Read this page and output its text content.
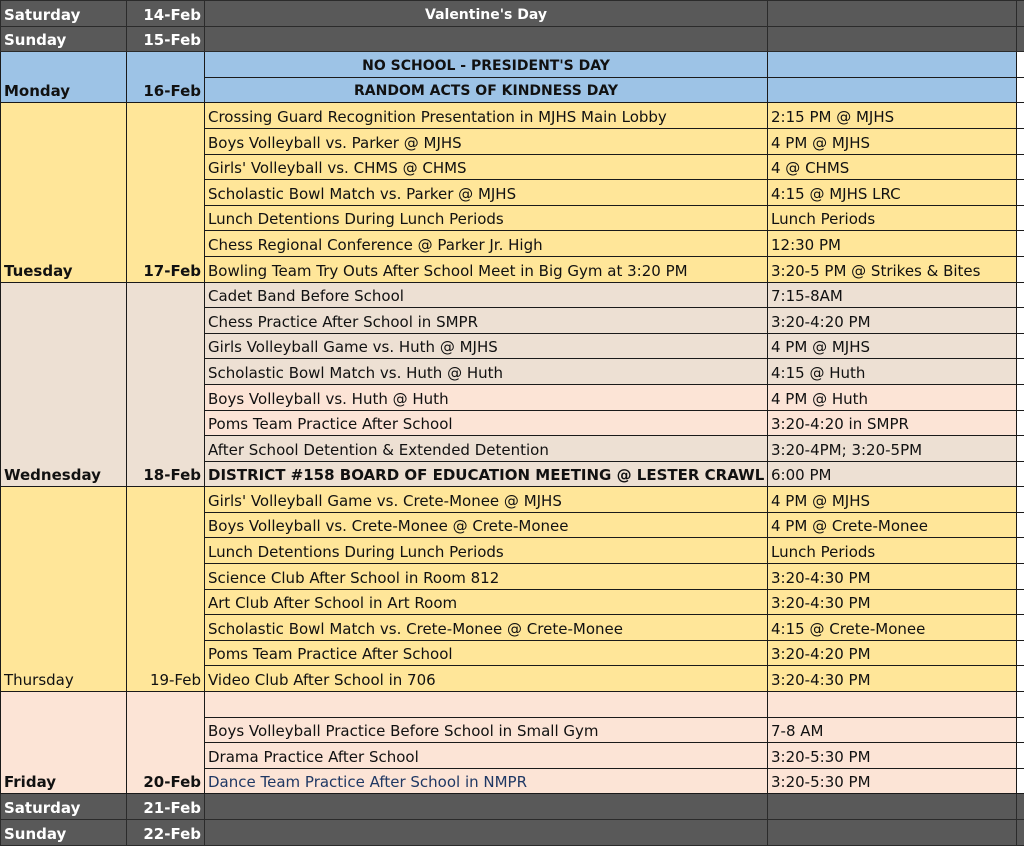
Saturday	14-Feb	Valentine's Day		
Sunday	15-Feb			
Monday	16-Feb	NO SCHOOL - PRESIDENT'S DAY		
		RANDOM ACTS OF KINDNESS DAY		
Tuesday	17-Feb	Crossing Guard Recognition Presentation in MJHS Main Lobby	2:15 PM @ MJHS	
		Boys Volleyball vs. Parker @ MJHS	4 PM @ MJHS	
		Girls' Volleyball vs. CHMS @ CHMS	4 @ CHMS	
		Scholastic Bowl Match vs. Parker @ MJHS	4:15 @ MJHS LRC	
		Lunch Detentions During Lunch Periods	Lunch Periods	
		Chess Regional Conference @ Parker Jr. High	12:30 PM	
		Bowling Team Try Outs After School Meet in Big Gym at 3:20 PM	3:20-5 PM @ Strikes & Bites	
Wednesday	18-Feb	Cadet Band Before School	7:15-8AM	
		Chess Practice After School in SMPR	3:20-4:20 PM	
		Girls Volleyball Game vs. Huth @ MJHS	4 PM @ MJHS	
		Scholastic Bowl Match vs. Huth @ Huth	4:15 @ Huth	
		Boys Volleyball vs. Huth @ Huth	4 PM @ Huth	
		Poms Team Practice After School	3:20-4:20 in SMPR	
		After School Detention & Extended Detention	3:20-4PM; 3:20-5PM	
		DISTRICT #158 BOARD OF EDUCATION MEETING @ LESTER CRAWL	6:00 PM	
Thursday	19-Feb	Girls' Volleyball Game vs. Crete-Monee @ MJHS	4 PM @ MJHS	
		Boys Volleyball vs. Crete-Monee @ Crete-Monee	4 PM @ Crete-Monee	
		Lunch Detentions During Lunch Periods	Lunch Periods	
		Science Club After School in Room 812	3:20-4:30 PM	
		Art Club After School in Art Room	3:20-4:30 PM	
		Scholastic Bowl Match vs. Crete-Monee @ Crete-Monee	4:15 @ Crete-Monee	
		Poms Team Practice After School	3:20-4:20 PM	
		Video Club After School in 706	3:20-4:30 PM	
Friday	20-Feb			
		Boys Volleyball Practice Before School in Small Gym	7-8 AM	
		Drama Practice After School	3:20-5:30 PM	
		Dance Team Practice After School in NMPR	3:20-5:30 PM	
Saturday	21-Feb			
Sunday	22-Feb			
